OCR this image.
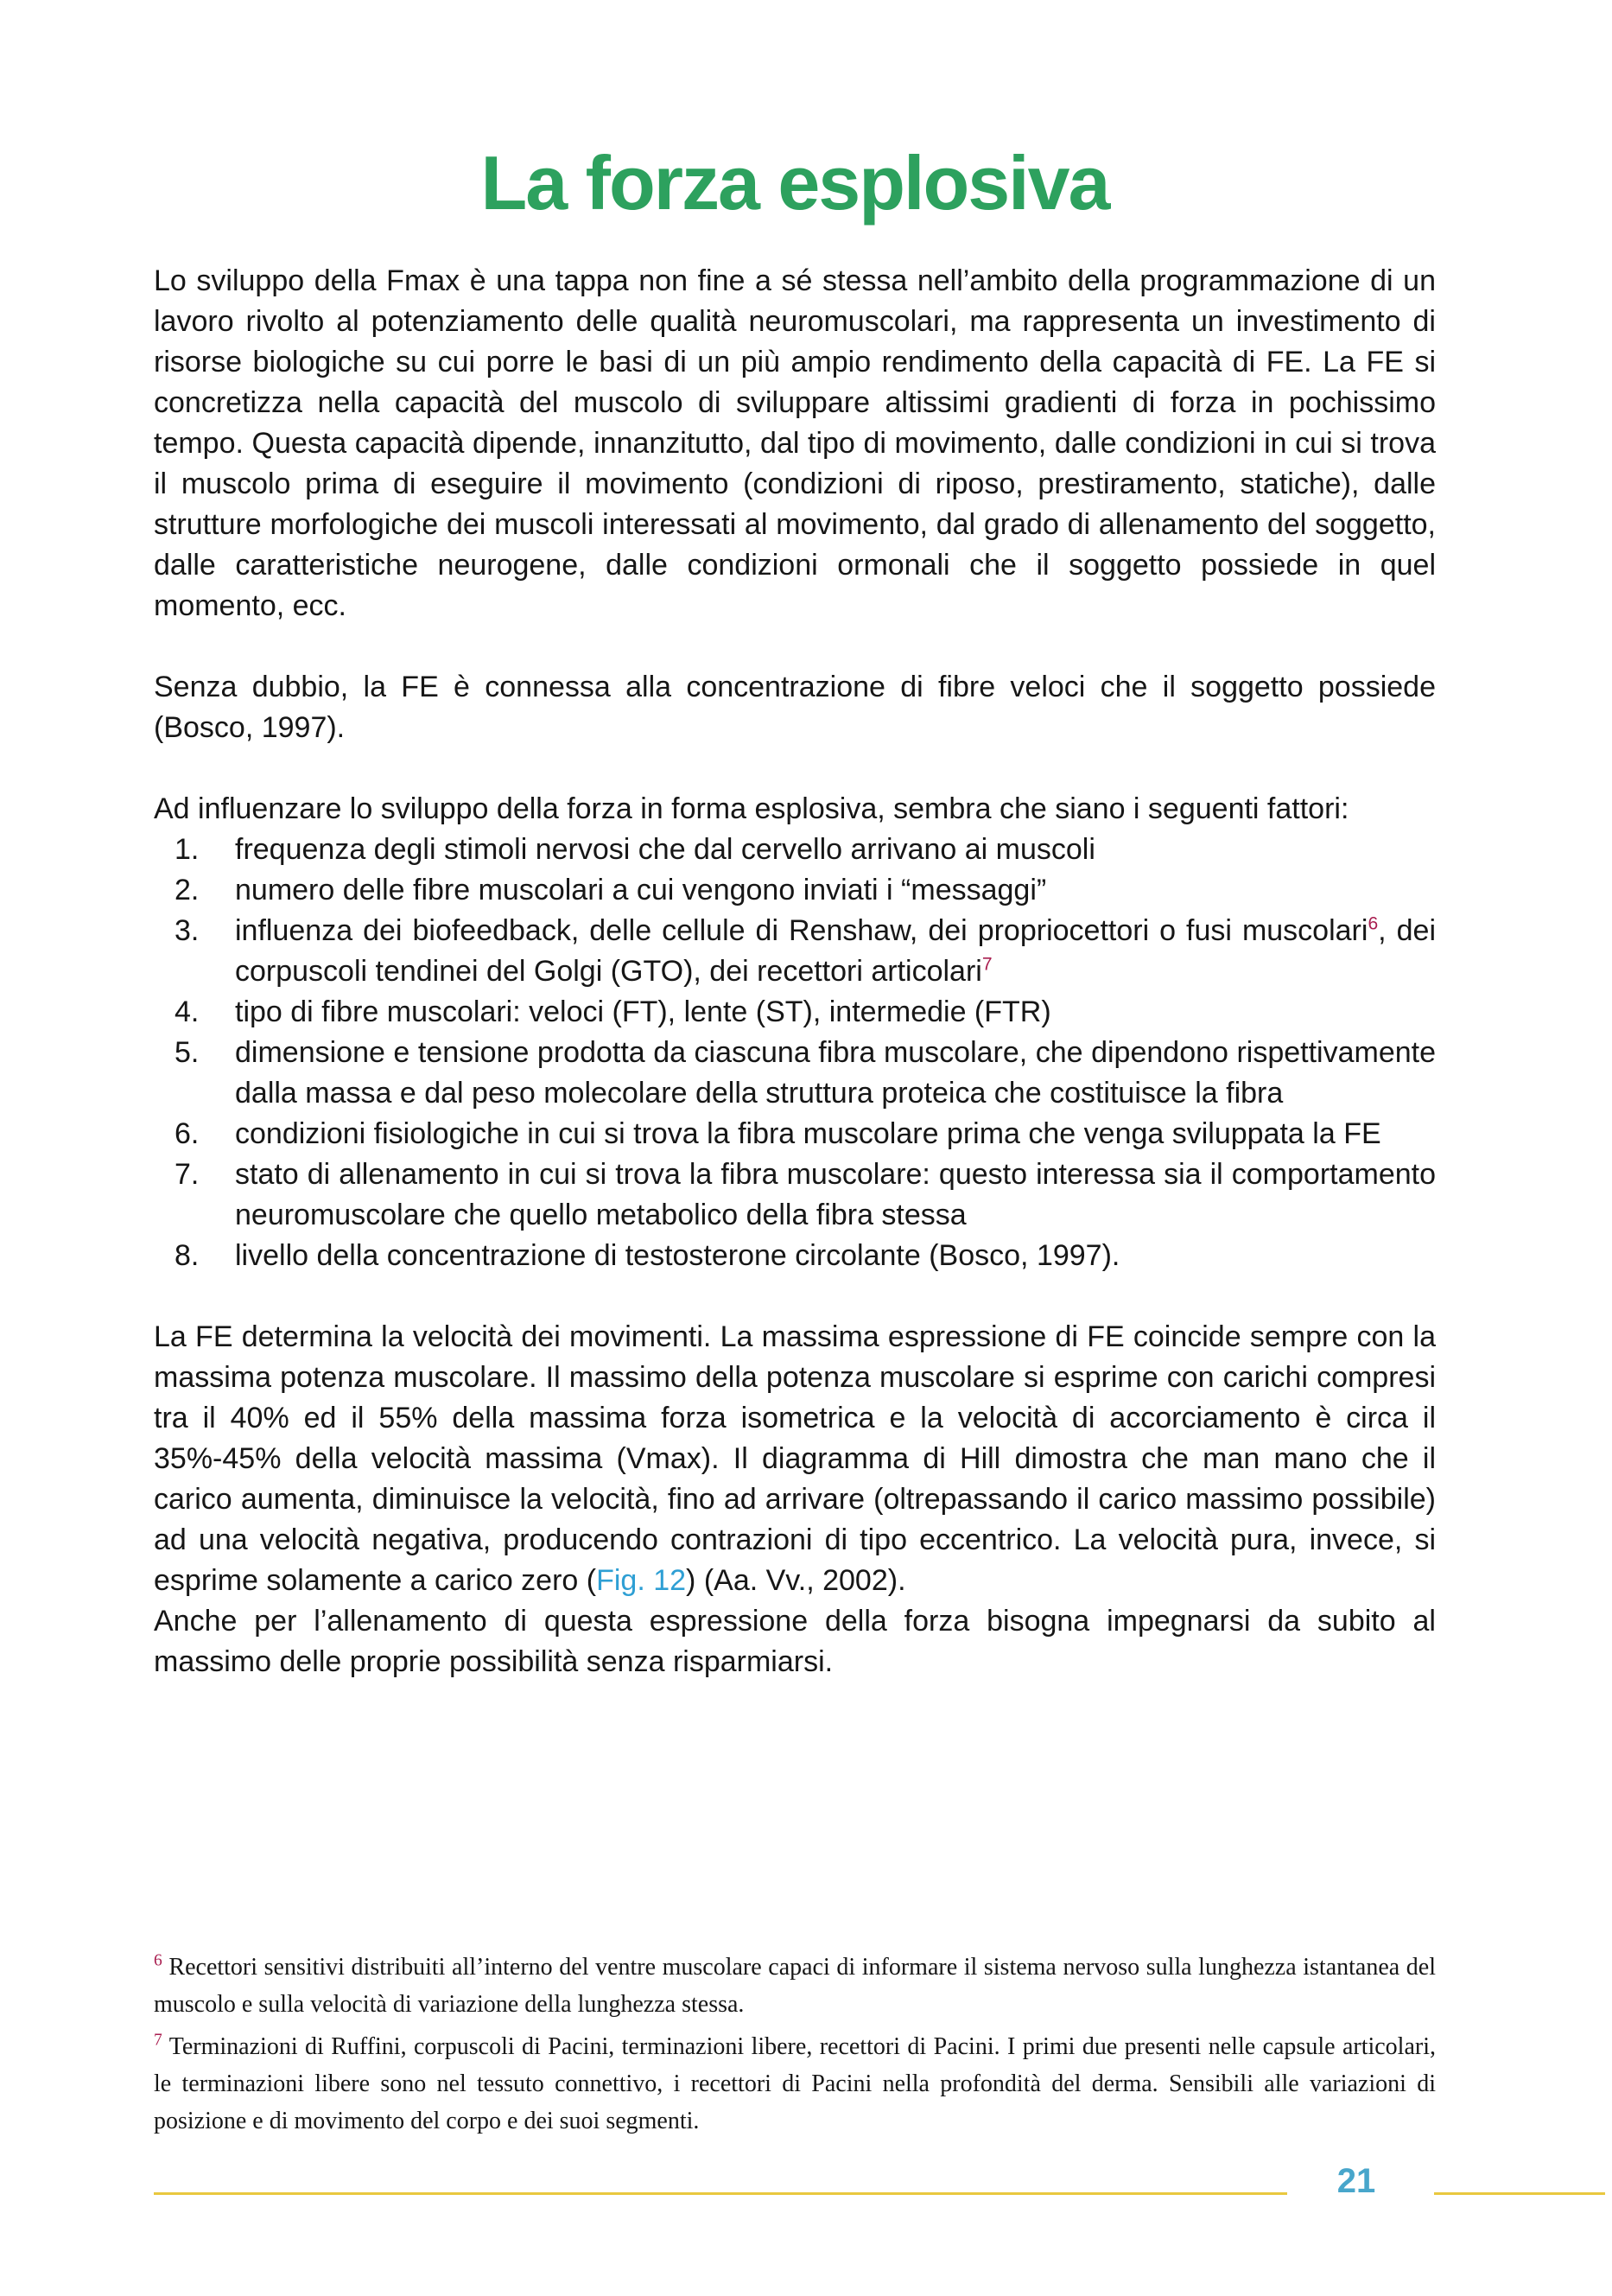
La forza esplosiva

Lo sviluppo della Fmax è una tappa non fine a sé stessa nell’ambito della programmazione di un lavoro rivolto al potenziamento delle qualità neuromuscolari, ma rappresenta un investimento di risorse biologiche su cui porre le basi di un più ampio rendimento della capacità di FE. La FE si concretizza nella capacità del muscolo di sviluppare altissimi gradienti di forza in pochissimo tempo. Questa capacità dipende, innanzitutto, dal tipo di movimento, dalle condizioni in cui si trova il muscolo prima di eseguire il movimento (condizioni di riposo, prestiramento, statiche), dalle strutture morfologiche dei muscoli interessati al movimento, dal grado di allenamento del soggetto, dalle caratteristiche neurogene, dalle condizioni ormonali che il soggetto possiede in quel momento, ecc.

Senza dubbio, la FE è connessa alla concentrazione di fibre veloci che il soggetto possiede (Bosco, 1997).

Ad influenzare lo sviluppo della forza in forma esplosiva, sembra che siano i seguenti fattori:

1.	frequenza degli stimoli nervosi che dal cervello arrivano ai muscoli
2.	numero delle fibre muscolari a cui vengono inviati i “messaggi”
3.	influenza dei biofeedback, delle cellule di Renshaw, dei propriocettori o fusi muscolari$^6$, dei corpuscoli tendinei del Golgi (GTO), dei recettori articolari$^7$
4.	tipo di fibre muscolari: veloci (FT), lente (ST), intermedie (FTR)
5.	dimensione e tensione prodotta da ciascuna fibra muscolare, che dipendono rispettivamente dalla massa e dal peso molecolare della struttura proteica che costituisce la fibra
6.	condizioni fisiologiche in cui si trova la fibra muscolare prima che venga sviluppata la FE
7.	stato di allenamento in cui si trova la fibra muscolare: questo interessa sia il comportamento neuromuscolare che quello metabolico della fibra stessa
8.	livello della concentrazione di testosterone circolante (Bosco, 1997).

La FE determina la velocità dei movimenti. La massima espressione di FE coincide sempre con la massima potenza muscolare. Il massimo della potenza muscolare si esprime con carichi compresi tra il 40% ed il 55% della massima forza isometrica e la velocità di accorciamento è circa il 35%-45% della velocità massima (Vmax). Il diagramma di Hill dimostra che man mano che il carico aumenta, diminuisce la velocità, fino ad arrivare (oltrepassando il carico massimo possibile) ad una velocità negativa, producendo contrazioni di tipo eccentrico. La velocità pura, invece, si esprime solamente a carico zero (Fig. 12) (Aa. Vv., 2002).

Anche per l’allenamento di questa espressione della forza bisogna impegnarsi da subito al massimo delle proprie possibilità senza risparmiarsi.

$^6$ Recettori sensitivi distribuiti all’interno del ventre muscolare capaci di informare il sistema nervoso sulla lunghezza istantanea del muscolo e sulla velocità di variazione della lunghezza stessa.

$^7$ Terminazioni di Ruffini, corpuscoli di Pacini, terminazioni libere, recettori di Pacini. I primi due presenti nelle capsule articolari, le terminazioni libere sono nel tessuto connettivo, i recettori di Pacini nella profondità del derma. Sensibili alle variazioni di posizione e di movimento del corpo e dei suoi segmenti.

21
